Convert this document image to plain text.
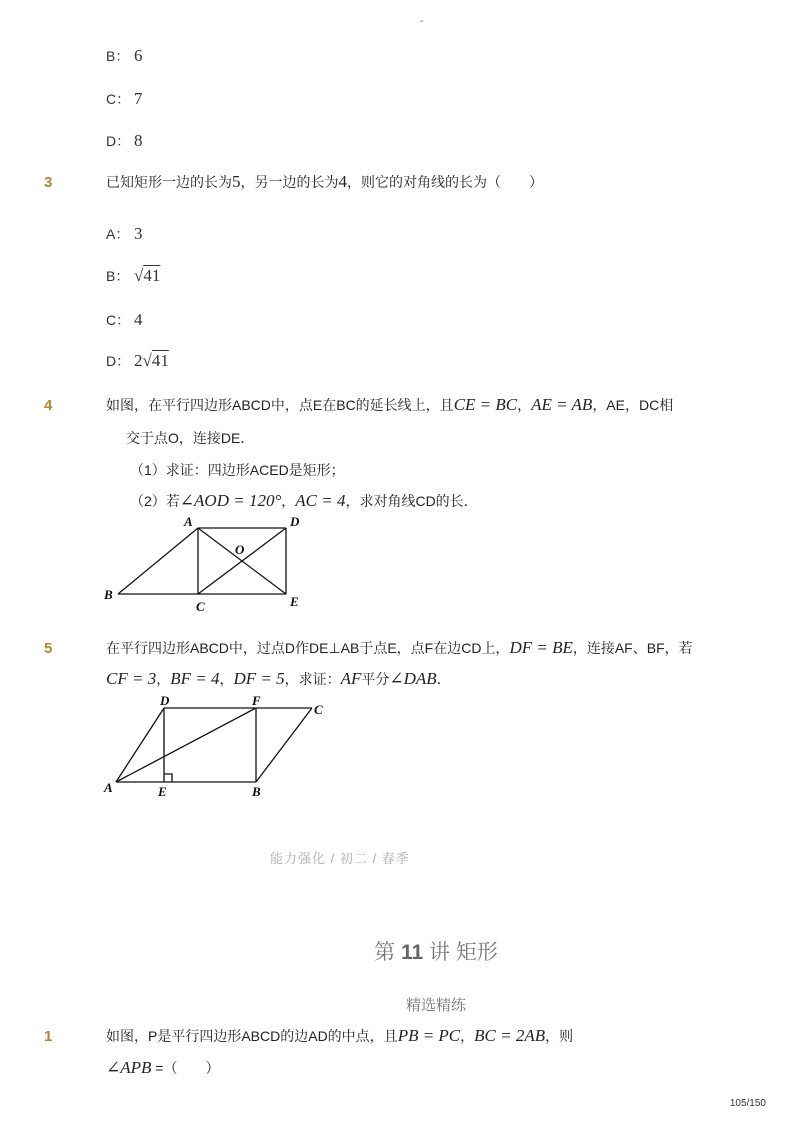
-
B： 6
C： 7
D： 8
3	已知矩形一边的长为5，另一边的长为4，则它的对角线的长为（　　）
A： 3
B： √41
C： 4
D： 2√41
4	如图，在平行四边形ABCD中，点E在BC的延长线上，且CE = BC，AE = AB，AE，DC相
交于点O，连接DE．
（1）求证：四边形ACED是矩形；
（2）若∠AOD = 120°，AC = 4，求对角线CD的长．
A	D
O
B
C	E
5	在平行四边形ABCD中，过点D作DE⊥AB于点E，点F在边CD上，DF = BE，连接AF、BF，若
CF = 3，BF = 4，DF = 5，求证：AF平分∠DAB．
D	F
C
A	E	B
能力强化 / 初二 / 春季
第 11 讲 矩形
精选精练
1	如图，P是平行四边形ABCD的边AD的中点，且PB = PC，BC = 2AB，则
∠APB =（　　）
105/150
